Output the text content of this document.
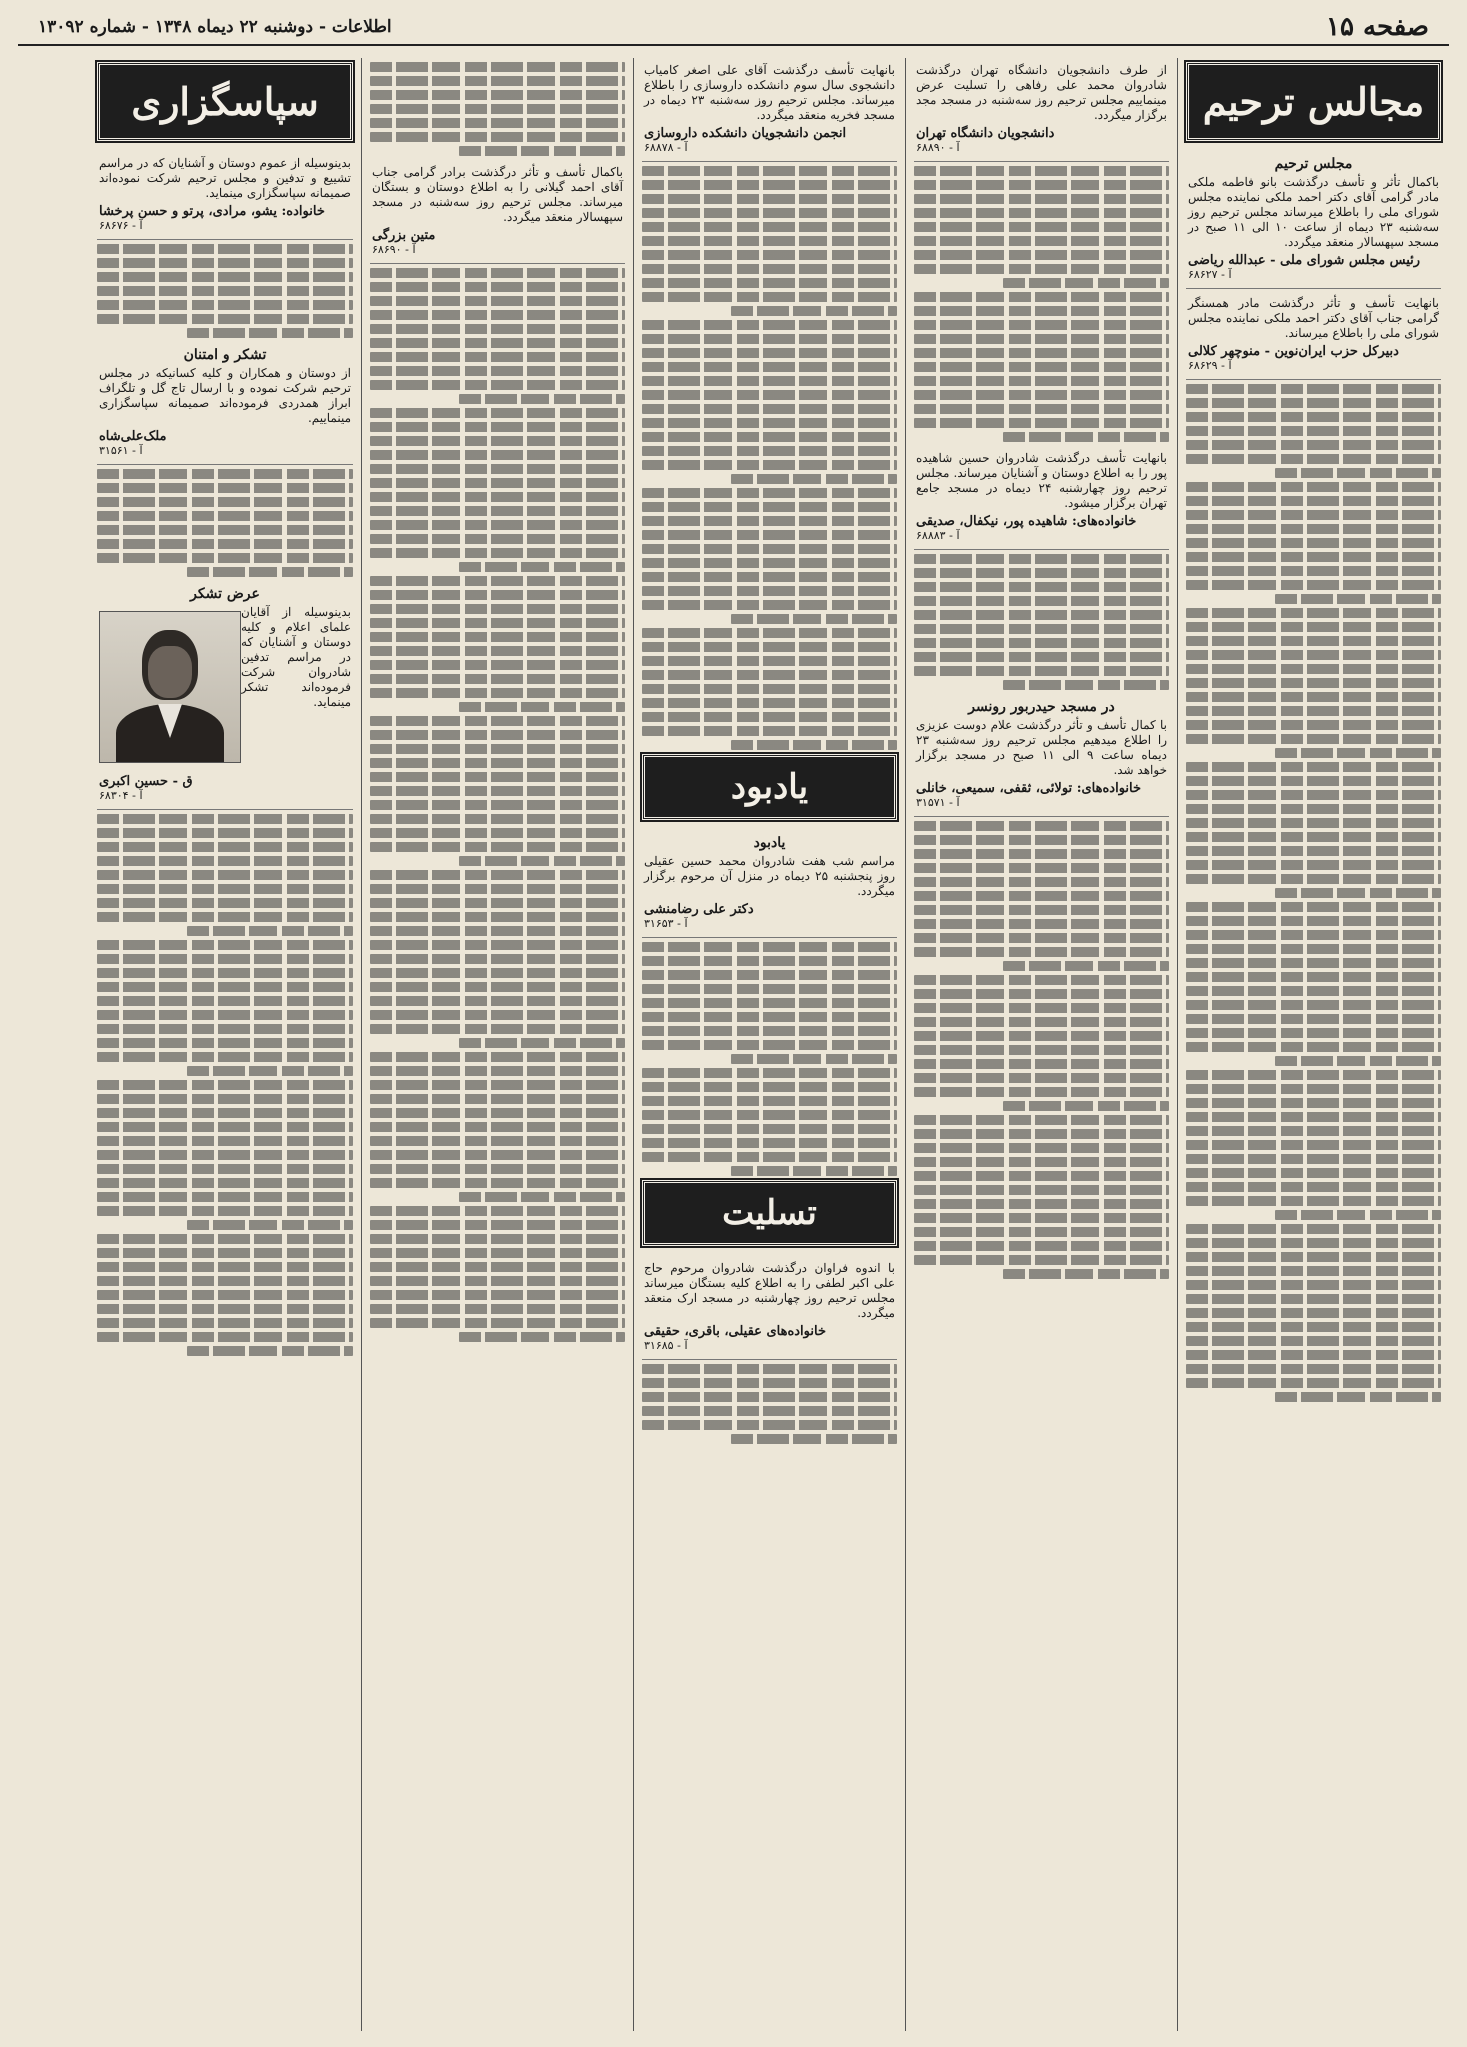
صفحه ۱۵
اطلاعات - دوشنبه ۲۲ دیماه ۱۳۴۸ - شماره ۱۳۰۹۲
مجالس ترحیم
مجلس ترحیم
باکمال تأثر و تأسف درگذشت بانو فاطمه ملکی مادر گرامی آقای دکتر احمد ملکی نماینده مجلس شورای ملی را باطلاع میرساند مجلس ترحیم روز سه‌شنبه ۲۳ دیماه از ساعت ۱۰ الی ۱۱ صبح در مسجد سپهسالار منعقد میگردد.
رئیس مجلس شورای ملی - عبدالله ریاضی
آ - ۶۸۶۲۷
بانهایت تأسف و تأثر درگذشت مادر همسنگر گرامی جناب آقای دکتر احمد ملکی نماینده مجلس شورای ملی را باطلاع میرساند.
دبیرکل حزب ایران‌نوین - منوچهر کلالی
آ - ۶۸۶۲۹
از طرف دانشجویان دانشگاه تهران درگذشت شادروان محمد علی رفاهی را تسلیت عرض مینماییم مجلس ترحیم روز سه‌شنبه در مسجد مجد برگزار میگردد.
دانشجویان دانشگاه تهران
آ - ۶۸۸۹۰
بانهایت تأسف درگذشت شادروان حسین شاهیده پور را به اطلاع دوستان و آشنایان میرساند. مجلس ترحیم روز چهارشنبه ۲۴ دیماه در مسجد جامع تهران برگزار میشود.
خانواده‌های: شاهیده پور، نیکفال، صدیقی
آ - ۶۸۸۸۳
در مسجد حیدربور رونسر
با کمال تأسف و تأثر درگذشت علام دوست عزیزی را اطلاع میدهیم مجلس ترحیم روز سه‌شنبه ۲۳ دیماه ساعت ۹ الی ۱۱ صبح در مسجد برگزار خواهد شد.
خانواده‌های: تولائی، ثقفی، سمیعی، خانلی
آ - ۳۱۵۷۱
بانهایت تأسف درگذشت آقای علی اصغر کامیاب دانشجوی سال سوم دانشکده داروسازی را باطلاع میرساند. مجلس ترحیم روز سه‌شنبه ۲۳ دیماه در مسجد فخریه منعقد میگردد.
انجمن دانشجویان دانشکده داروسازی
آ - ۶۸۸۷۸
یادبود
یادبود
مراسم شب هفت شادروان محمد حسین عقیلی روز پنجشنبه ۲۵ دیماه در منزل آن مرحوم برگزار میگردد.
دکتر علی رضامنشی
آ - ۳۱۶۵۳
تسلیت
با اندوه فراوان درگذشت شادروان مرحوم حاج علی اکبر لطفی را به اطلاع کلیه بستگان میرساند مجلس ترحیم روز چهارشنبه در مسجد ارک منعقد میگردد.
خانواده‌های عقیلی، باقری، حقیقی
آ - ۳۱۶۸۵
باکمال تأسف و تأثر درگذشت برادر گرامی جناب آقای احمد گیلانی را به اطلاع دوستان و بستگان میرساند. مجلس ترحیم روز سه‌شنبه در مسجد سپهسالار منعقد میگردد.
متین بزرگی
آ - ۶۸۶۹۰
سپاسگزاری
بدینوسیله از عموم دوستان و آشنایان که در مراسم تشییع و تدفین و مجلس ترحیم شرکت نموده‌اند صمیمانه سپاسگزاری مینماید.
خانواده: یشو، مرادی، پرتو و حسن پرخشا
آ - ۶۸۶۷۶
تشکر و امتنان
از دوستان و همکاران و کلیه کسانیکه در مجلس ترحیم شرکت نموده و با ارسال تاج گل و تلگراف ابراز همدردی فرموده‌اند صمیمانه سپاسگزاری مینماییم.
ملک‌علی‌شاه
آ - ۳۱۵۶۱
عرض تشکر
بدینوسیله از آقایان علمای اعلام و کلیه دوستان و آشنایان که در مراسم تدفین شادروان شرکت فرموده‌اند تشکر مینماید.
ق - حسین اکبری
آ - ۶۸۳۰۴
